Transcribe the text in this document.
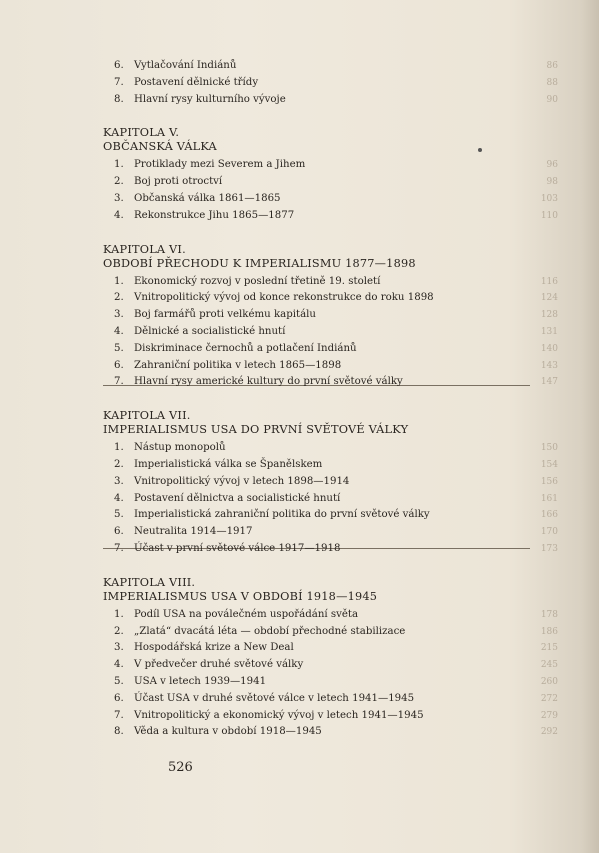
6. Vytlačování Indiánů	86
7. Postavení dělnické třídy	88
8. Hlavní rysy kulturního vývoje	90
KAPITOLA V.
OBČANSKÁ VÁLKA
1. Protiklady mezi Severem a Jihem	96
2. Boj proti otroctví	98
3. Občanská válka 1861—1865	103
4. Rekonstrukce Jihu 1865—1877	110
KAPITOLA VI.
OBDOBÍ PŘECHODU K IMPERIALISMU 1877—1898
1. Ekonomický rozvoj v poslední třetině 19. století	116
2. Vnitropolitický vývoj od konce rekonstrukce do roku 1898	124
3. Boj farmářů proti velkému kapitálu	128
4. Dělnické a socialistické hnutí	131
5. Diskriminace černochů a potlačení Indiánů	140
6. Zahraniční politika v letech 1865—1898	143
7. Hlavní rysy americké kultury do první světové války	147
KAPITOLA VII.
IMPERIALISMUS USA DO PRVNÍ SVĚTOVÉ VÁLKY
1. Nástup monopolů	150
2. Imperialistická válka se Španělskem	154
3. Vnitropolitický vývoj v letech 1898—1914	156
4. Postavení dělnictva a socialistické hnutí	161
5. Imperialistická zahraniční politika do první světové války	166
6. Neutralita 1914—1917	170
7. Účast v první světové válce 1917—1918	173
KAPITOLA VIII.
IMPERIALISMUS USA V OBDOBÍ 1918—1945
1. Podíl USA na poválečném uspořádání světa	178
2. „Zlatá“ dvacátá léta — období přechodné stabilizace	186
3. Hospodářská krize a New Deal	215
4. V předvečer druhé světové války	245
5. USA v letech 1939—1941	260
6. Účast USA v druhé světové válce v letech 1941—1945	272
7. Vnitropolitický a ekonomický vývoj v letech 1941—1945	279
8. Věda a kultura v období 1918—1945	292
526
